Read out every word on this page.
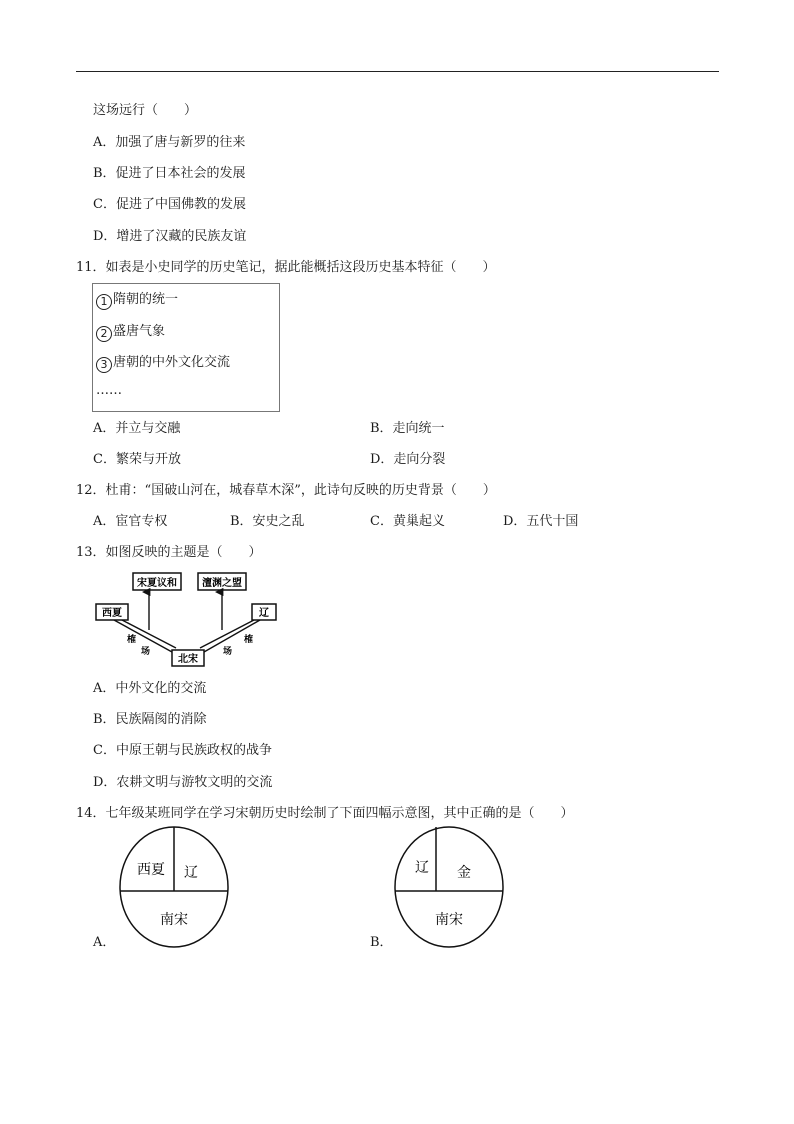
这场远行（　　）
A．加强了唐与新罗的往来
B．促进了日本社会的发展
C．促进了中国佛教的发展
D．增进了汉藏的民族友谊
11．如表是小史同学的历史笔记，据此能概括这段历史基本特征（　　）
1 隋朝的统一
2 盛唐气象
3 唐朝的中外文化交流
……
A．并立与交融	B．走向统一
C．繁荣与开放	D．走向分裂
12．杜甫：“国破山河在，城春草木深”，此诗句反映的历史背景（　　）
A．宦官专权	B．安史之乱	C．黄巢起义	D．五代十国
13．如图反映的主题是（　　）
宋夏议和	澶渊之盟
西夏	辽
榷
场
榷
场
北宋
A．中外文化的交流
B．民族隔阂的消除
C．中原王朝与民族政权的战争
D．农耕文明与游牧文明的交流
14．七年级某班同学在学习宋朝历史时绘制了下面四幅示意图，其中正确的是（　　）
西夏 辽
南宋
A．
辽 金
南宋
B．
